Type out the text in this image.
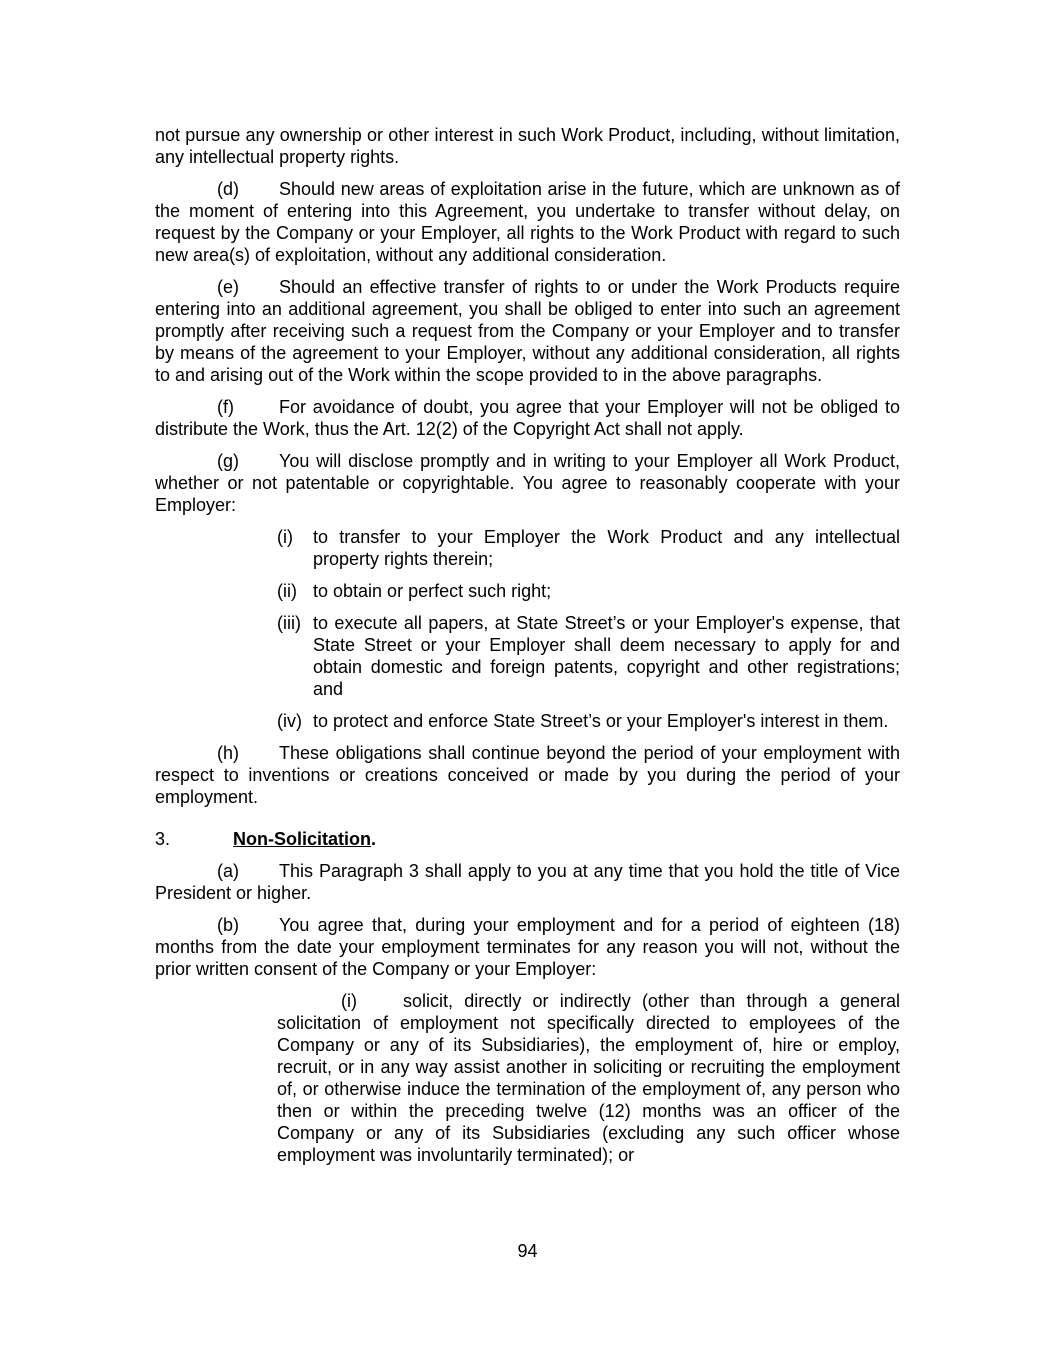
not pursue any ownership or other interest in such Work Product, including, without limitation, any intellectual property rights.

(d) Should new areas of exploitation arise in the future, which are unknown as of the moment of entering into this Agreement, you undertake to transfer without delay, on request by the Company or your Employer, all rights to the Work Product with regard to such new area(s) of exploitation, without any additional consideration.

(e) Should an effective transfer of rights to or under the Work Products require entering into an additional agreement, you shall be obliged to enter into such an agreement promptly after receiving such a request from the Company or your Employer and to transfer by means of the agreement to your Employer, without any additional consideration, all rights to and arising out of the Work within the scope provided to in the above paragraphs.

(f)	For avoidance of doubt, you agree that your Employer will not be obliged to distribute the Work, thus the Art. 12(2) of the Copyright Act shall not apply.

(g) You will disclose promptly and in writing to your Employer all Work Product, whether or not patentable or copyrightable. You agree to reasonably cooperate with your Employer:

(i)	to transfer to your Employer the Work Product and any intellectual property rights therein;
(ii) to obtain or perfect such right;
(iii) to execute all papers, at State Street’s or your Employer's expense, that State Street or your Employer shall deem necessary to apply for and obtain domestic and foreign patents, copyright and other registrations; and
(iv) to protect and enforce State Street’s or your Employer's interest in them.

(h) These obligations shall continue beyond the period of your employment with respect to inventions or creations conceived or made by you during the period of your employment.

3.	Non-Solicitation.

(a) This Paragraph 3 shall apply to you at any time that you hold the title of Vice President or higher.

(b) You agree that, during your employment and for a period of eighteen (18) months from the date your employment terminates for any reason you will not, without the prior written consent of the Company or your Employer:

(i)	solicit, directly or indirectly (other than through a general solicitation of employment not specifically directed to employees of the Company or any of its Subsidiaries), the employment of, hire or employ, recruit, or in any way assist another in soliciting or recruiting the employment of, or otherwise induce the termination of the employment of, any person who then or within the preceding twelve (12) months was an officer of the Company or any of its Subsidiaries (excluding any such officer whose employment was involuntarily terminated); or

94
